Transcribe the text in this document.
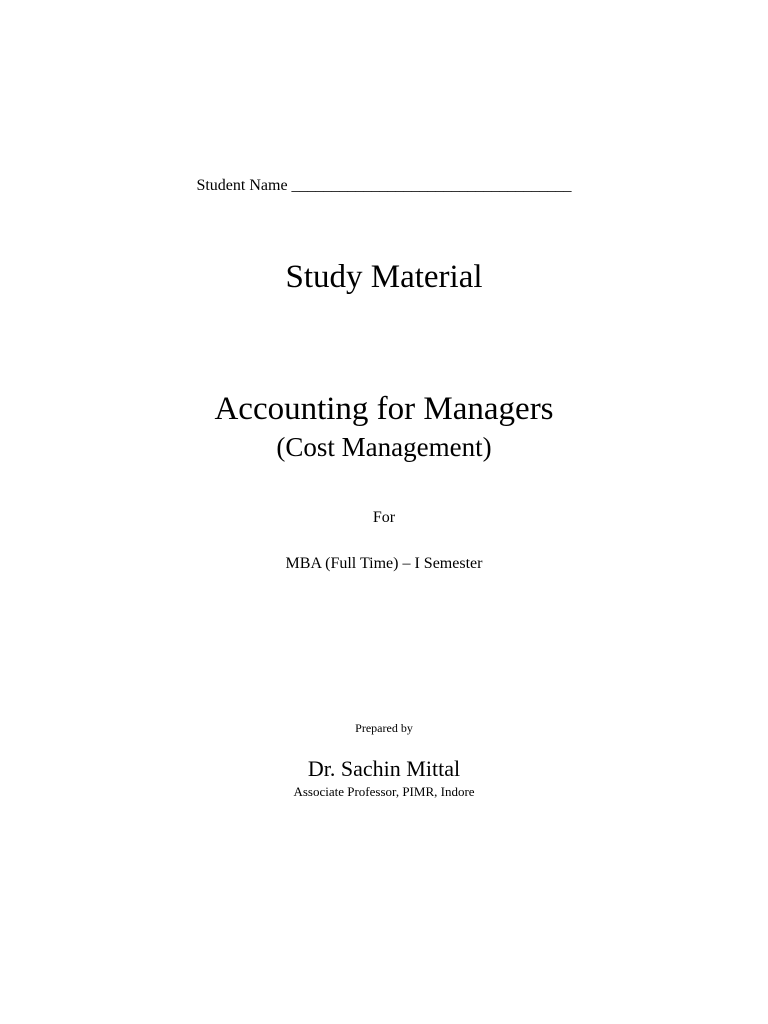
Student Name ___________________________________
Study Material
Accounting for Managers
(Cost Management)
For
MBA (Full Time) – I Semester
Prepared by
Dr. Sachin Mittal
Associate Professor, PIMR, Indore
